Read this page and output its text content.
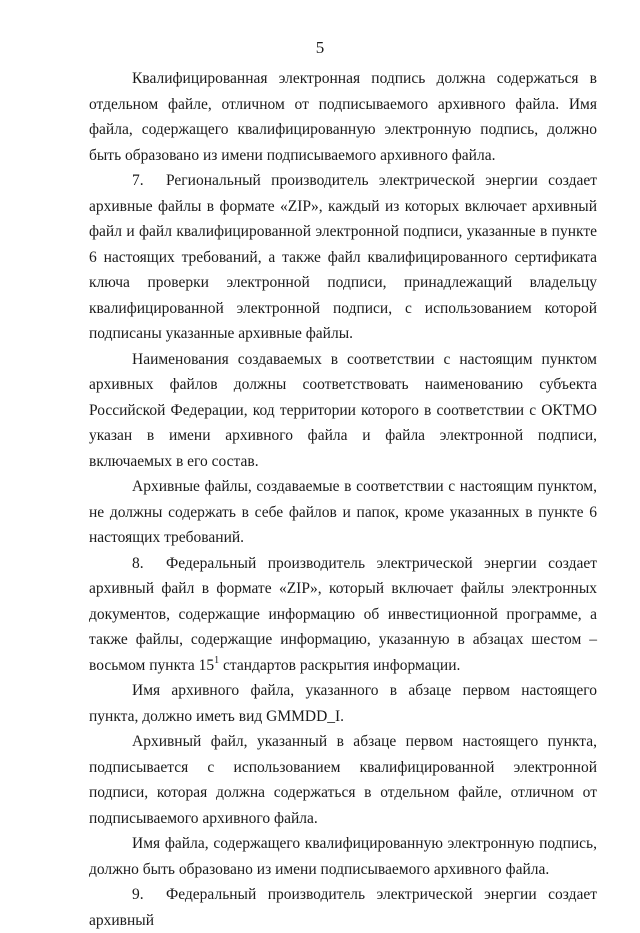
5

Квалифицированная электронная подпись должна содержаться в отдельном файле, отличном от подписываемого архивного файла. Имя файла, содержащего квалифицированную электронную подпись, должно быть образовано из имени подписываемого архивного файла.

7. Региональный производитель электрической энергии создает архивные файлы в формате «ZIP», каждый из которых включает архивный файл и файл квалифицированной электронной подписи, указанные в пункте 6 настоящих требований, а также файл квалифицированного сертификата ключа проверки электронной подписи, принадлежащий владельцу квалифицированной электронной подписи, с использованием которой подписаны указанные архивные файлы.

Наименования создаваемых в соответствии с настоящим пунктом архивных файлов должны соответствовать наименованию субъекта Российской Федерации, код территории которого в соответствии с ОКТМО указан в имени архивного файла и файла электронной подписи, включаемых в его состав.

Архивные файлы, создаваемые в соответствии с настоящим пунктом, не должны содержать в себе файлов и папок, кроме указанных в пункте 6 настоящих требований.

8. Федеральный производитель электрической энергии создает архивный файл в формате «ZIP», который включает файлы электронных документов, содержащие информацию об инвестиционной программе, а также файлы, содержащие информацию, указанную в абзацах шестом – восьмом пункта $15^1$ стандартов раскрытия информации.

Имя архивного файла, указанного в абзаце первом настоящего пункта, должно иметь вид GMMDD_I.

Архивный файл, указанный в абзаце первом настоящего пункта, подписывается с использованием квалифицированной электронной подписи, которая должна содержаться в отдельном файле, отличном от подписываемого архивного файла.

Имя файла, содержащего квалифицированную электронную подпись, должно быть образовано из имени подписываемого архивного файла.

9. Федеральный производитель электрической энергии создает архивный
